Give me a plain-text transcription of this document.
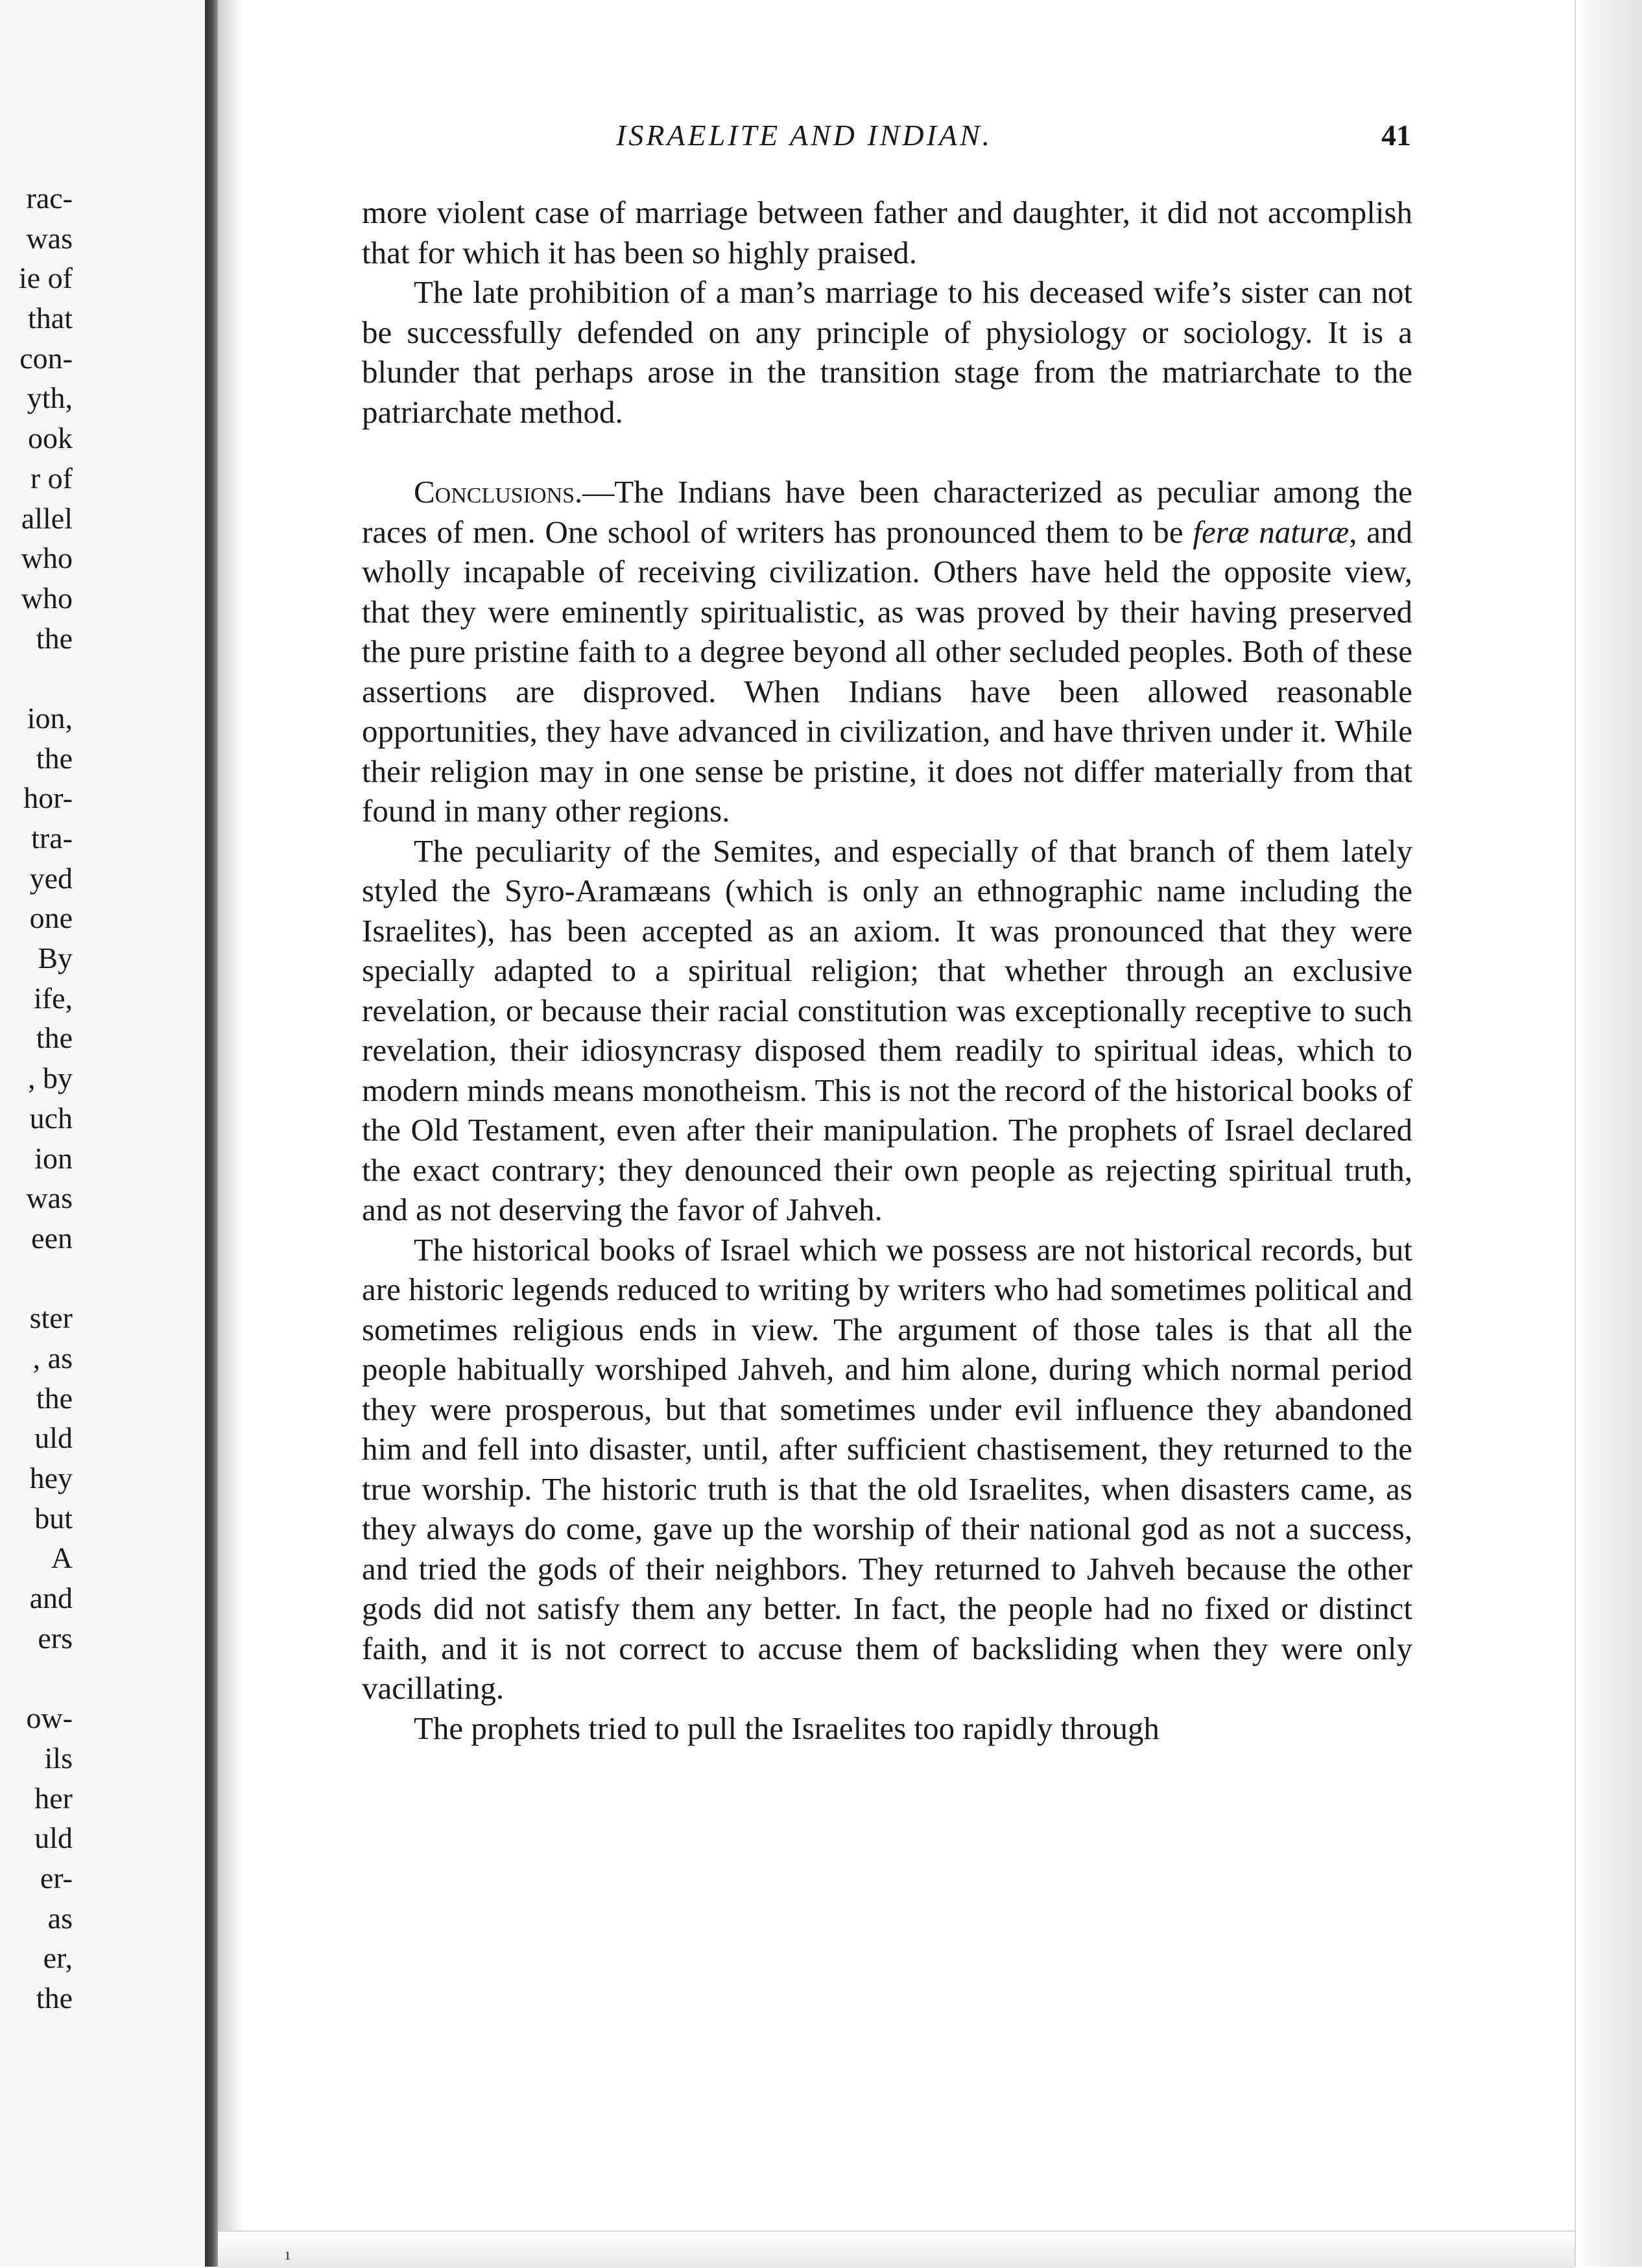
rac-
was
ie of
that
con-
yth,
ook
r of
allel
who
who
the
ion,
the
hor-
tra-
yed
one
By
ife,
the
, by
uch
ion
was
een
ster
, as
the
uld
hey
but
A
and
ers
ow-
ils
her
uld
er-
as
er,
the
ISRAELITE AND INDIAN.	41

more violent case of marriage between father and daughter, it did not accomplish that for which it has been so highly praised.

The late prohibition of a man’s marriage to his deceased wife’s sister can not be successfully defended on any principle of physiology or sociology. It is a blunder that perhaps arose in the transition stage from the matriarchate to the patriarchate method.

Conclusions.—The Indians have been characterized as peculiar among the races of men. One school of writers has pronounced them to be feræ naturæ, and wholly incapable of receiving civilization. Others have held the opposite view, that they were eminently spiritualistic, as was proved by their having preserved the pure pristine faith to a degree beyond all other secluded peoples. Both of these assertions are disproved. When Indians have been allowed reasonable opportunities, they have advanced in civilization, and have thriven under it. While their religion may in one sense be pristine, it does not differ materially from that found in many other regions.

The peculiarity of the Semites, and especially of that branch of them lately styled the Syro-Aramæans (which is only an ethnographic name including the Israelites), has been accepted as an axiom. It was pronounced that they were specially adapted to a spiritual religion; that whether through an exclusive revelation, or because their racial constitution was exceptionally receptive to such revelation, their idiosyncrasy disposed them readily to spiritual ideas, which to modern minds means monotheism. This is not the record of the historical books of the Old Testament, even after their manipulation. The prophets of Israel declared the exact contrary; they denounced their own people as rejecting spiritual truth, and as not deserving the favor of Jahveh.

The historical books of Israel which we possess are not historical records, but are historic legends reduced to writing by writers who had sometimes political and sometimes religious ends in view. The argument of those tales is that all the people habitually worshiped Jahveh, and him alone, during which normal period they were prosperous, but that sometimes under evil influence they abandoned him and fell into disaster, until, after sufficient chastisement, they returned to the true worship. The historic truth is that the old Israelites, when disasters came, as they always do come, gave up the worship of their national god as not a success, and tried the gods of their neighbors. They returned to Jahveh because the other gods did not satisfy them any better. In fact, the people had no fixed or distinct faith, and it is not correct to accuse them of backsliding when they were only vacillating.

The prophets tried to pull the Israelites too rapidly through

ı
